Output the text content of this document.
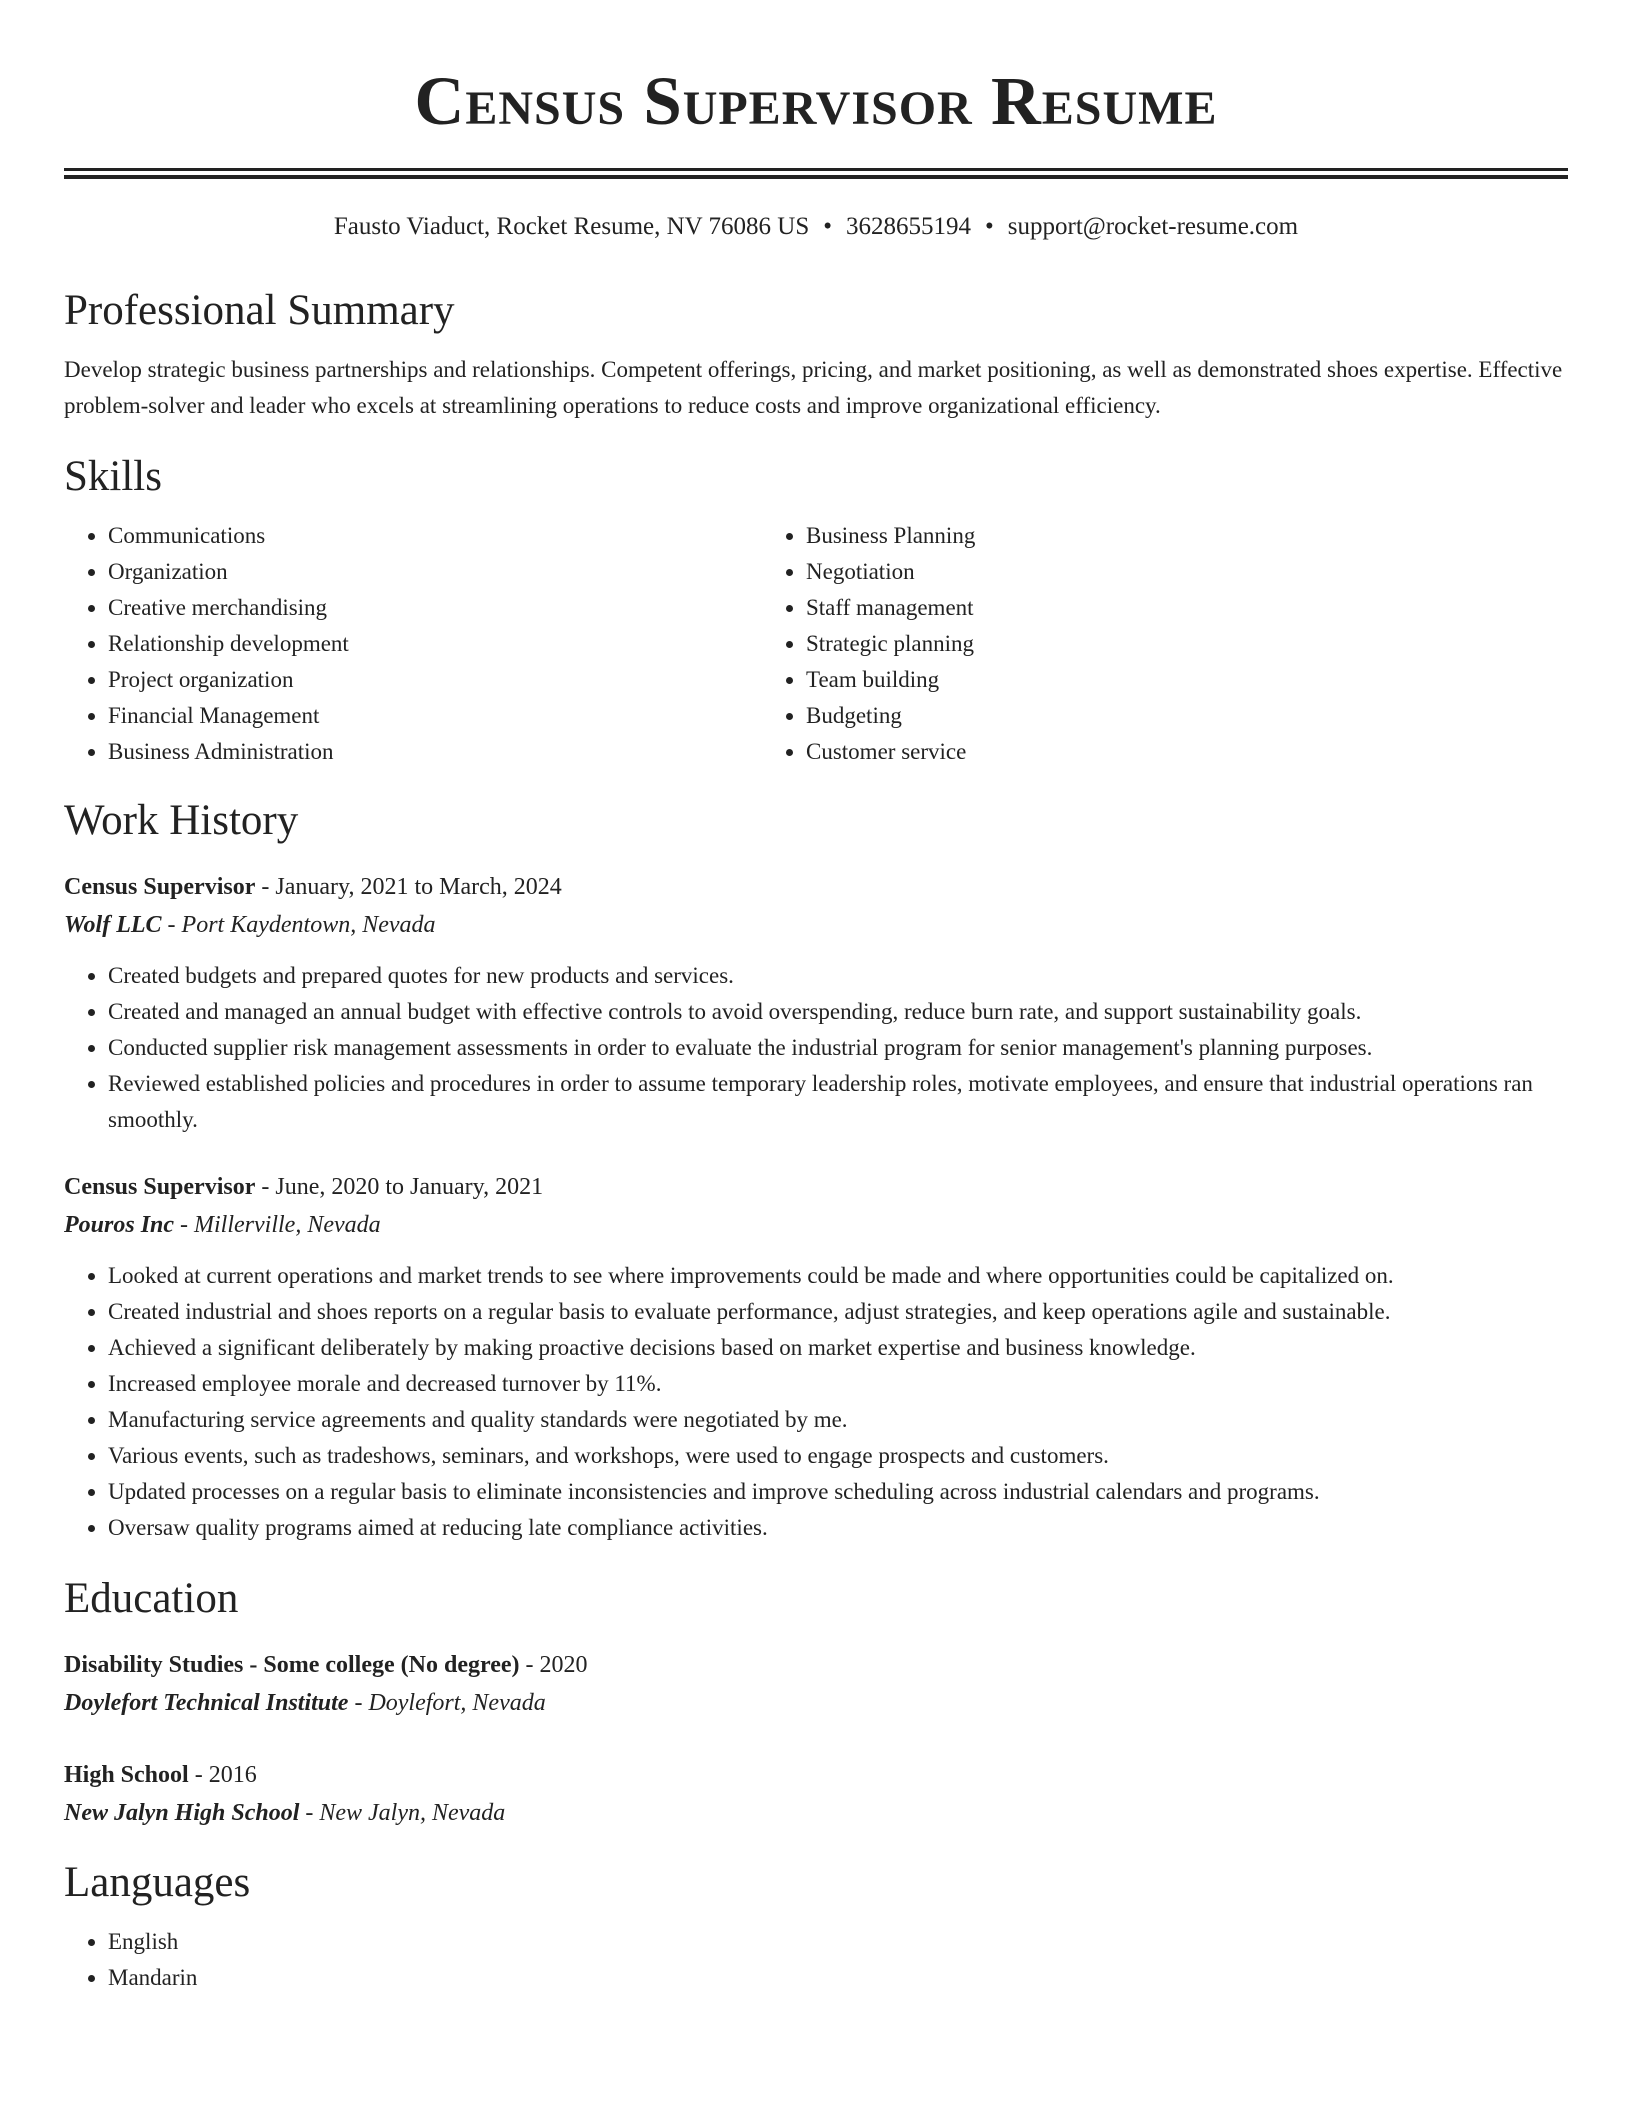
Census Supervisor Resume
Fausto Viaduct, Rocket Resume, NV 76086 US • 3628655194 • support@rocket-resume.com
Professional Summary

Develop strategic business partnerships and relationships. Competent offerings, pricing, and market positioning, as well as demonstrated shoes expertise. Effective problem-solver and leader who excels at streamlining operations to reduce costs and improve organizational efficiency.

Skills
• Communications
• Organization
• Creative merchandising
• Relationship development
• Project organization
• Financial Management
• Business Administration
• Business Planning
• Negotiation
• Staff management
• Strategic planning
• Team building
• Budgeting
• Customer service
Work History
Census Supervisor - January, 2021 to March, 2024
Wolf LLC - Port Kaydentown, Nevada
• Created budgets and prepared quotes for new products and services.
• Created and managed an annual budget with effective controls to avoid overspending, reduce burn rate, and support sustainability goals.
• Conducted supplier risk management assessments in order to evaluate the industrial program for senior management's planning purposes.
• Reviewed established policies and procedures in order to assume temporary leadership roles, motivate employees, and ensure that industrial operations ran smoothly.
Census Supervisor - June, 2020 to January, 2021
Pouros Inc - Millerville, Nevada
• Looked at current operations and market trends to see where improvements could be made and where opportunities could be capitalized on.
• Created industrial and shoes reports on a regular basis to evaluate performance, adjust strategies, and keep operations agile and sustainable.
• Achieved a significant deliberately by making proactive decisions based on market expertise and business knowledge.
• Increased employee morale and decreased turnover by 11%.
• Manufacturing service agreements and quality standards were negotiated by me.
• Various events, such as tradeshows, seminars, and workshops, were used to engage prospects and customers.
• Updated processes on a regular basis to eliminate inconsistencies and improve scheduling across industrial calendars and programs.
• Oversaw quality programs aimed at reducing late compliance activities.
Education
Disability Studies - Some college (No degree) - 2020
Doylefort Technical Institute - Doylefort, Nevada
High School - 2016
New Jalyn High School - New Jalyn, Nevada
Languages
• English
• Mandarin
